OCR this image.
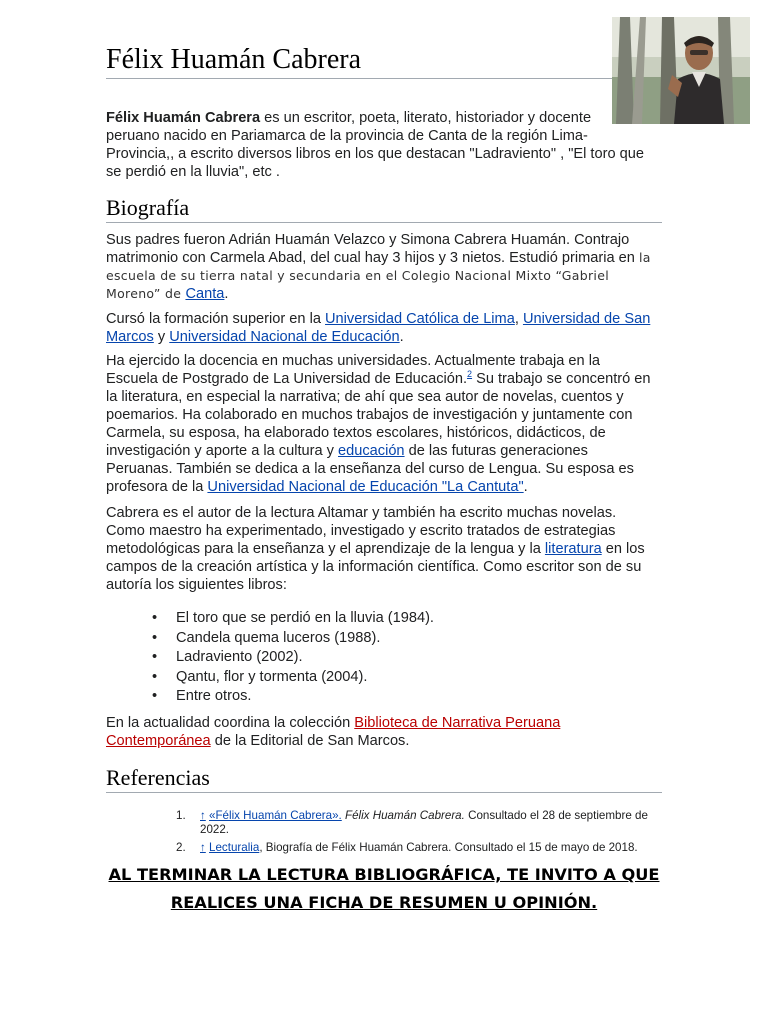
Félix Huamán Cabrera

Félix Huamán Cabrera es un escritor, poeta, literato, historiador y docente peruano nacido en Pariamarca de la provincia de Canta de la región Lima-Provincia,, a escrito diversos libros en los que destacan "Ladraviento" , "El toro que se perdió en la lluvia", etc .

Biografía

Sus padres fueron Adrián Huamán Velazco y Simona Cabrera Huamán. Contrajo matrimonio con Carmela Abad, del cual hay 3 hijos y 3 nietos. Estudió primaria en la escuela de su tierra natal y secundaria en el Colegio Nacional Mixto “Gabriel Moreno” de Canta.

Cursó la formación superior en la Universidad Católica de Lima, Universidad de San Marcos y Universidad Nacional de Educación.

Ha ejercido la docencia en muchas universidades. Actualmente trabaja en la Escuela de Postgrado de La Universidad de Educación.$^2$ Su trabajo se concentró en la literatura, en especial la narrativa; de ahí que sea autor de novelas, cuentos y poemarios. Ha colaborado en muchos trabajos de investigación y juntamente con Carmela, su esposa, ha elaborado textos escolares, históricos, didácticos, de investigación y aporte a la cultura y educación de las futuras generaciones Peruanas. También se dedica a la enseñanza del curso de Lengua. Su esposa es profesora de la Universidad Nacional de Educación "La Cantuta".

Cabrera es el autor de la lectura Altamar y también ha escrito muchas novelas. Como maestro ha experimentado, investigado y escrito tratados de estrategias metodológicas para la enseñanza y el aprendizaje de la lengua y la literatura en los campos de la creación artística y la información científica. Como escritor son de su autoría los siguientes libros:

• El toro que se perdió en la lluvia (1984).
• Candela quema luceros (1988).
• Ladraviento (2002).
• Qantu, flor y tormenta (2004).
• Entre otros.

En la actualidad coordina la colección Biblioteca de Narrativa Peruana Contemporánea de la Editorial de San Marcos.

Referencias
1. ↑ «Félix Huamán Cabrera». Félix Huamán Cabrera. Consultado el 28 de septiembre de 2022.
2. ↑ Lecturalia, Biografía de Félix Huamán Cabrera. Consultado el 15 de mayo de 2018.
AL TERMINAR LA LECTURA BIBLIOGRÁFICA, TE INVITO A QUE
REALICES UNA FICHA DE RESUMEN U OPINIÓN.
